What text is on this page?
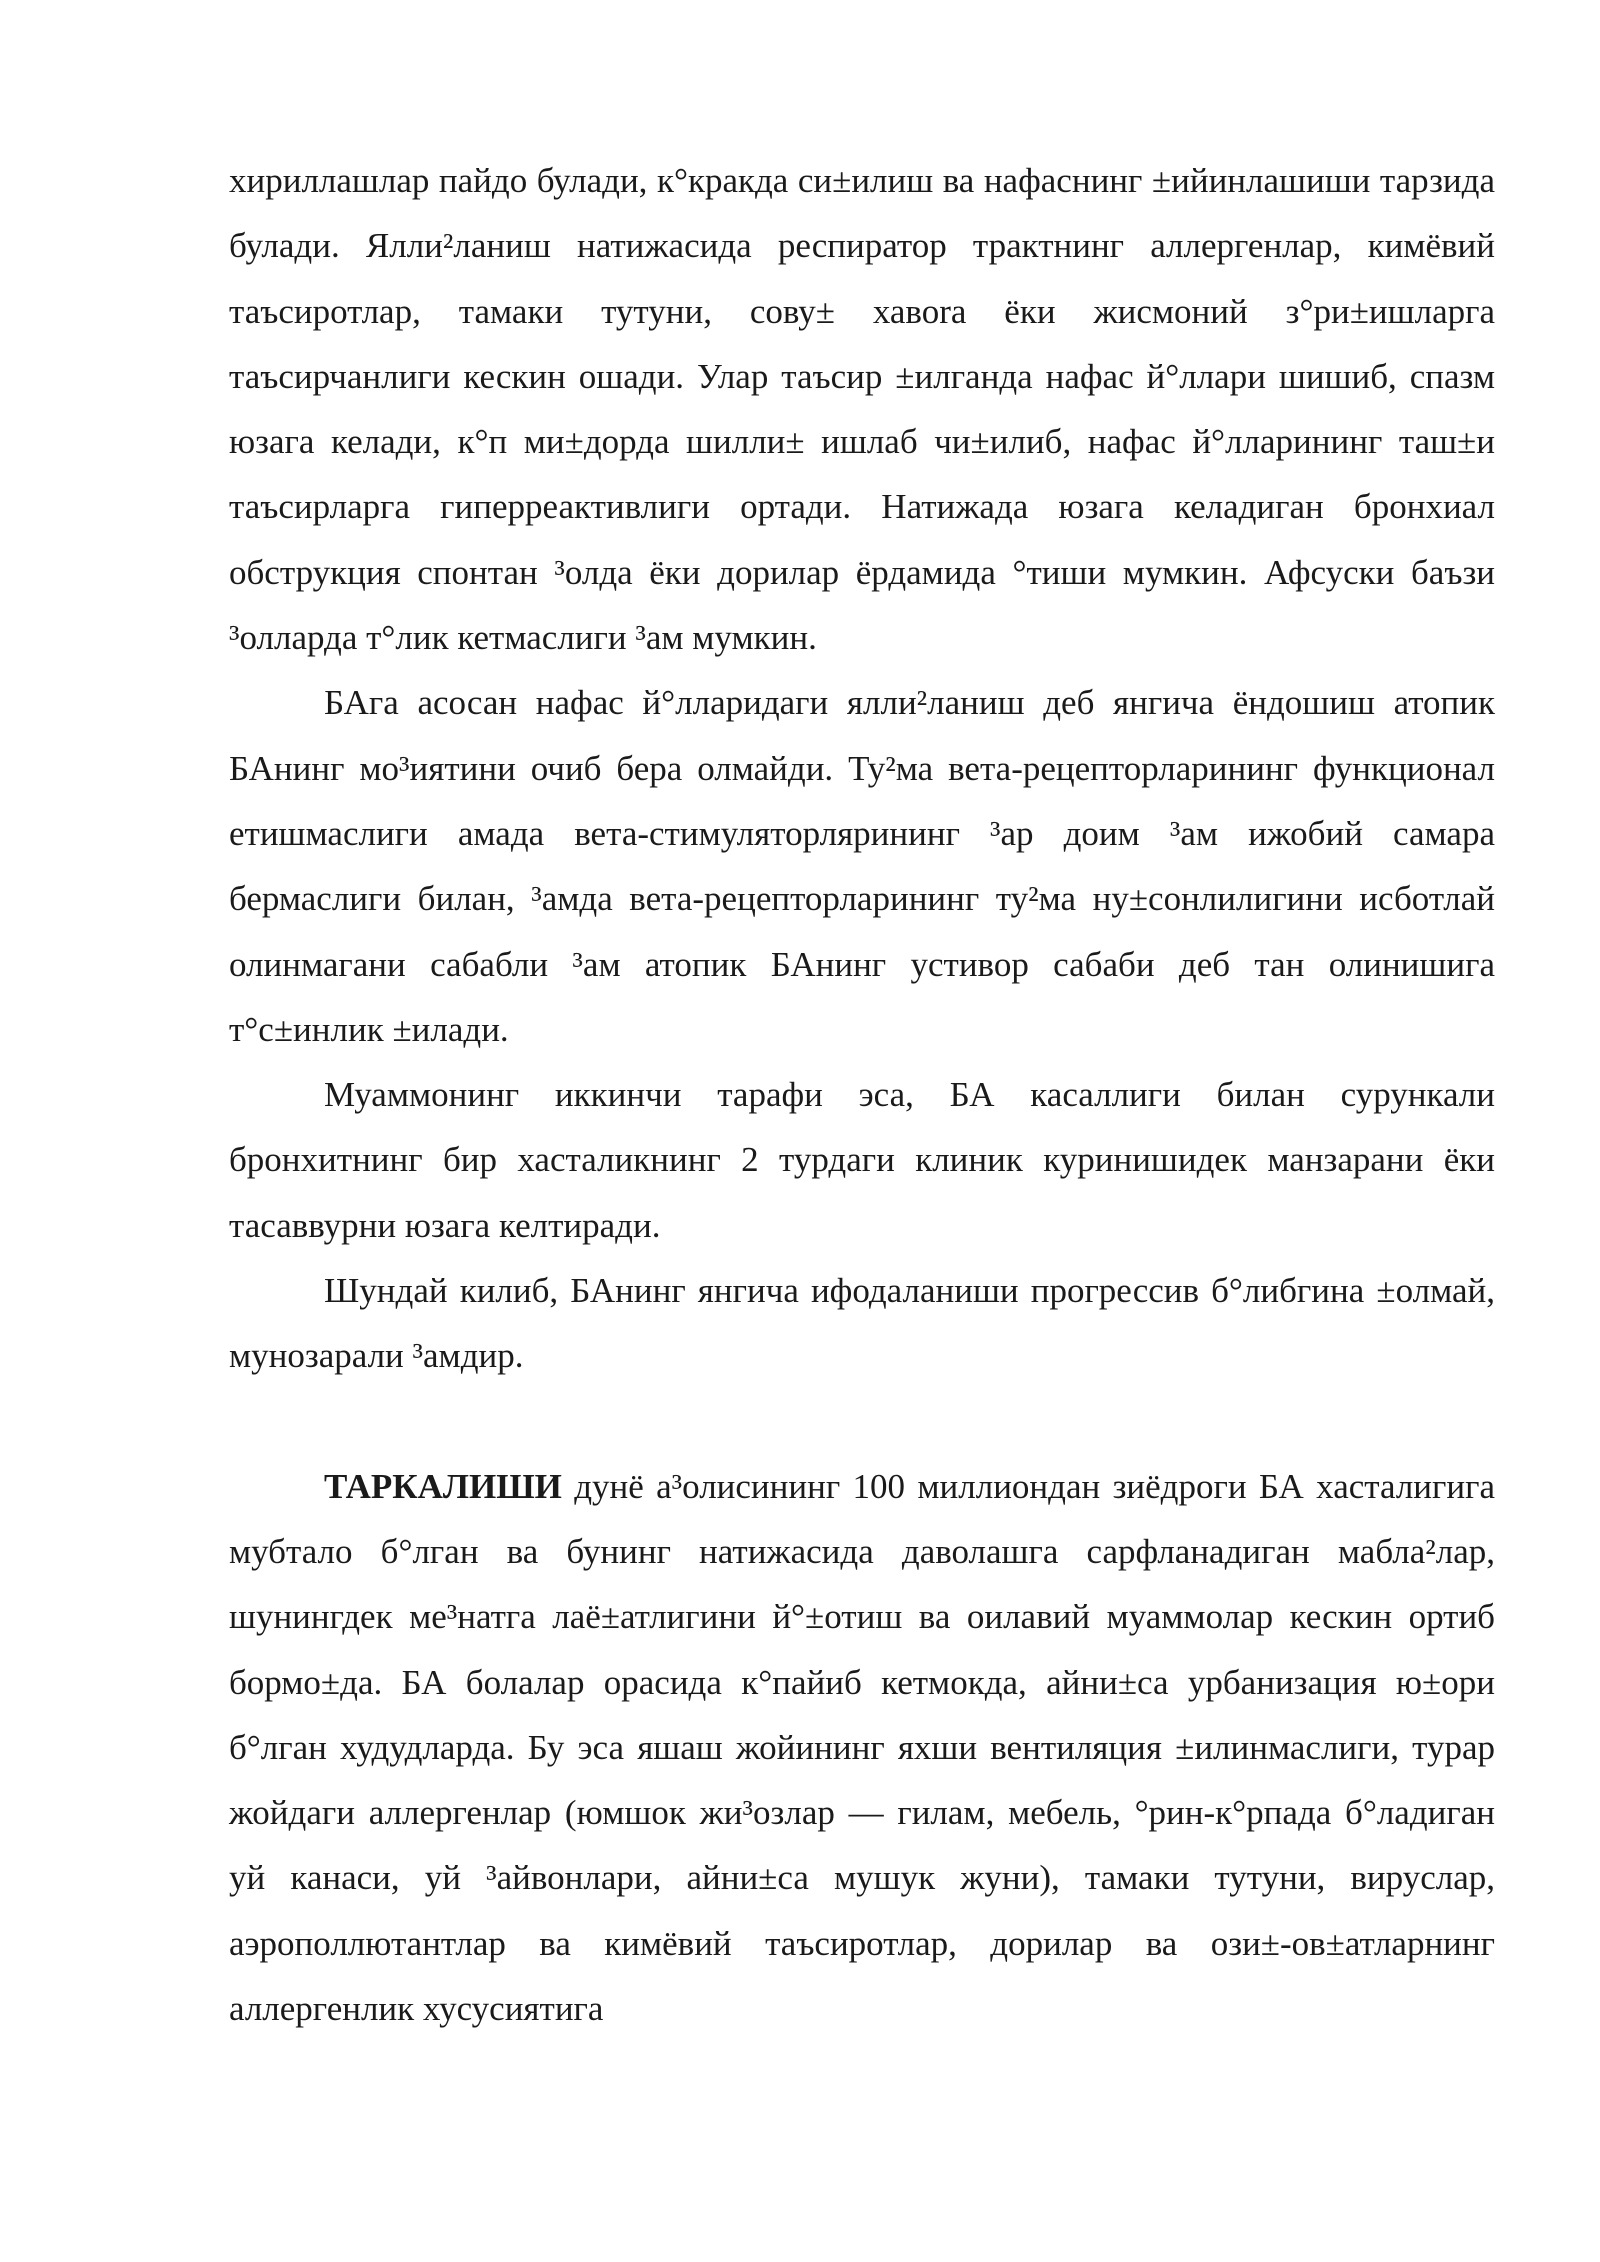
хириллашлар пайдо булади, к°кракда си±илиш ва нафаснинг ±ийинлашиши тарзида булади. Ялли²ланиш натижасида респиратор трактнинг аллергенлар, кимёвий таъсиротлар, тамаки тутуни, сову± хавоrа ёки жисмоний з°ри±ишларга таъсирчанлиги кескин ошади. Улар таъсир ±илганда нафас й°ллари шишиб, спазм юзага келади, к°п ми±дорда шилли± ишлаб чи±илиб, нафас й°лларининг таш±и таъсирларга гиперреактивлиги ортади. Натижада юзага келадиган бронхиал обструкция спонтан ³олда ёки дорилар ёрдамида °тиши мумкин. Афсуски баъзи ³олларда т°лик кетмаслиги ³ам мумкин.

БАга асосан нафас й°лларидаги ялли²ланиш деб янгича ёндошиш атопик БАнинг мо³иятини очиб бера олмайди. Ту²ма вета-рецепторларининг функционал етишмаслиги амада вета-стимуляторлярининг ³ар доим ³ам ижобий самара бермаслиги билан, ³амда вета-рецепторларининг ту²ма ну±сонлилигини исботлай олинмагани сабабли ³ам атопик БАнинг устивор сабаби деб тан олинишига т°с±инлик ±илади.

Муаммонинг иккинчи тарафи эса, БА касаллиги билан сурункали бронхитнинг бир хасталикнинг 2 турдаги клиник куринишидек манзарани ёки тасаввурни юзага келтиради.

Шундай килиб, БАнинг янгича ифодаланиши прогрессив б°либгина ±олмай, мунозарали ³амдир.

ТАРКАЛИШИ дунё а³олисининг 100 миллиондан зиёдроги БА хасталигига мубтало б°лган ва бунинг натижасида даволашга сарфланадиган мабла²лар, шунингдек ме³натга лаё±атлигини й°±отиш ва оилавий муаммолар кескин ортиб бормо±да. БА болалар орасида к°пайиб кетмокда, айни±са урбанизация ю±ори б°лган худудларда. Бу эса яшаш жойининг яхши вентиляция ±илинмаслиги, турар жойдаги аллергенлар (юмшок жи³озлар — гилам, мебель, °рин-к°рпада б°ладиган уй канаси, уй ³айвонлари, айни±са мушук жуни), тамаки тутуни, вируслар, аэрополлютантлар ва кимёвий таъсиротлар, дорилар ва ози±-ов±атларнинг аллергенлик хусусиятига
